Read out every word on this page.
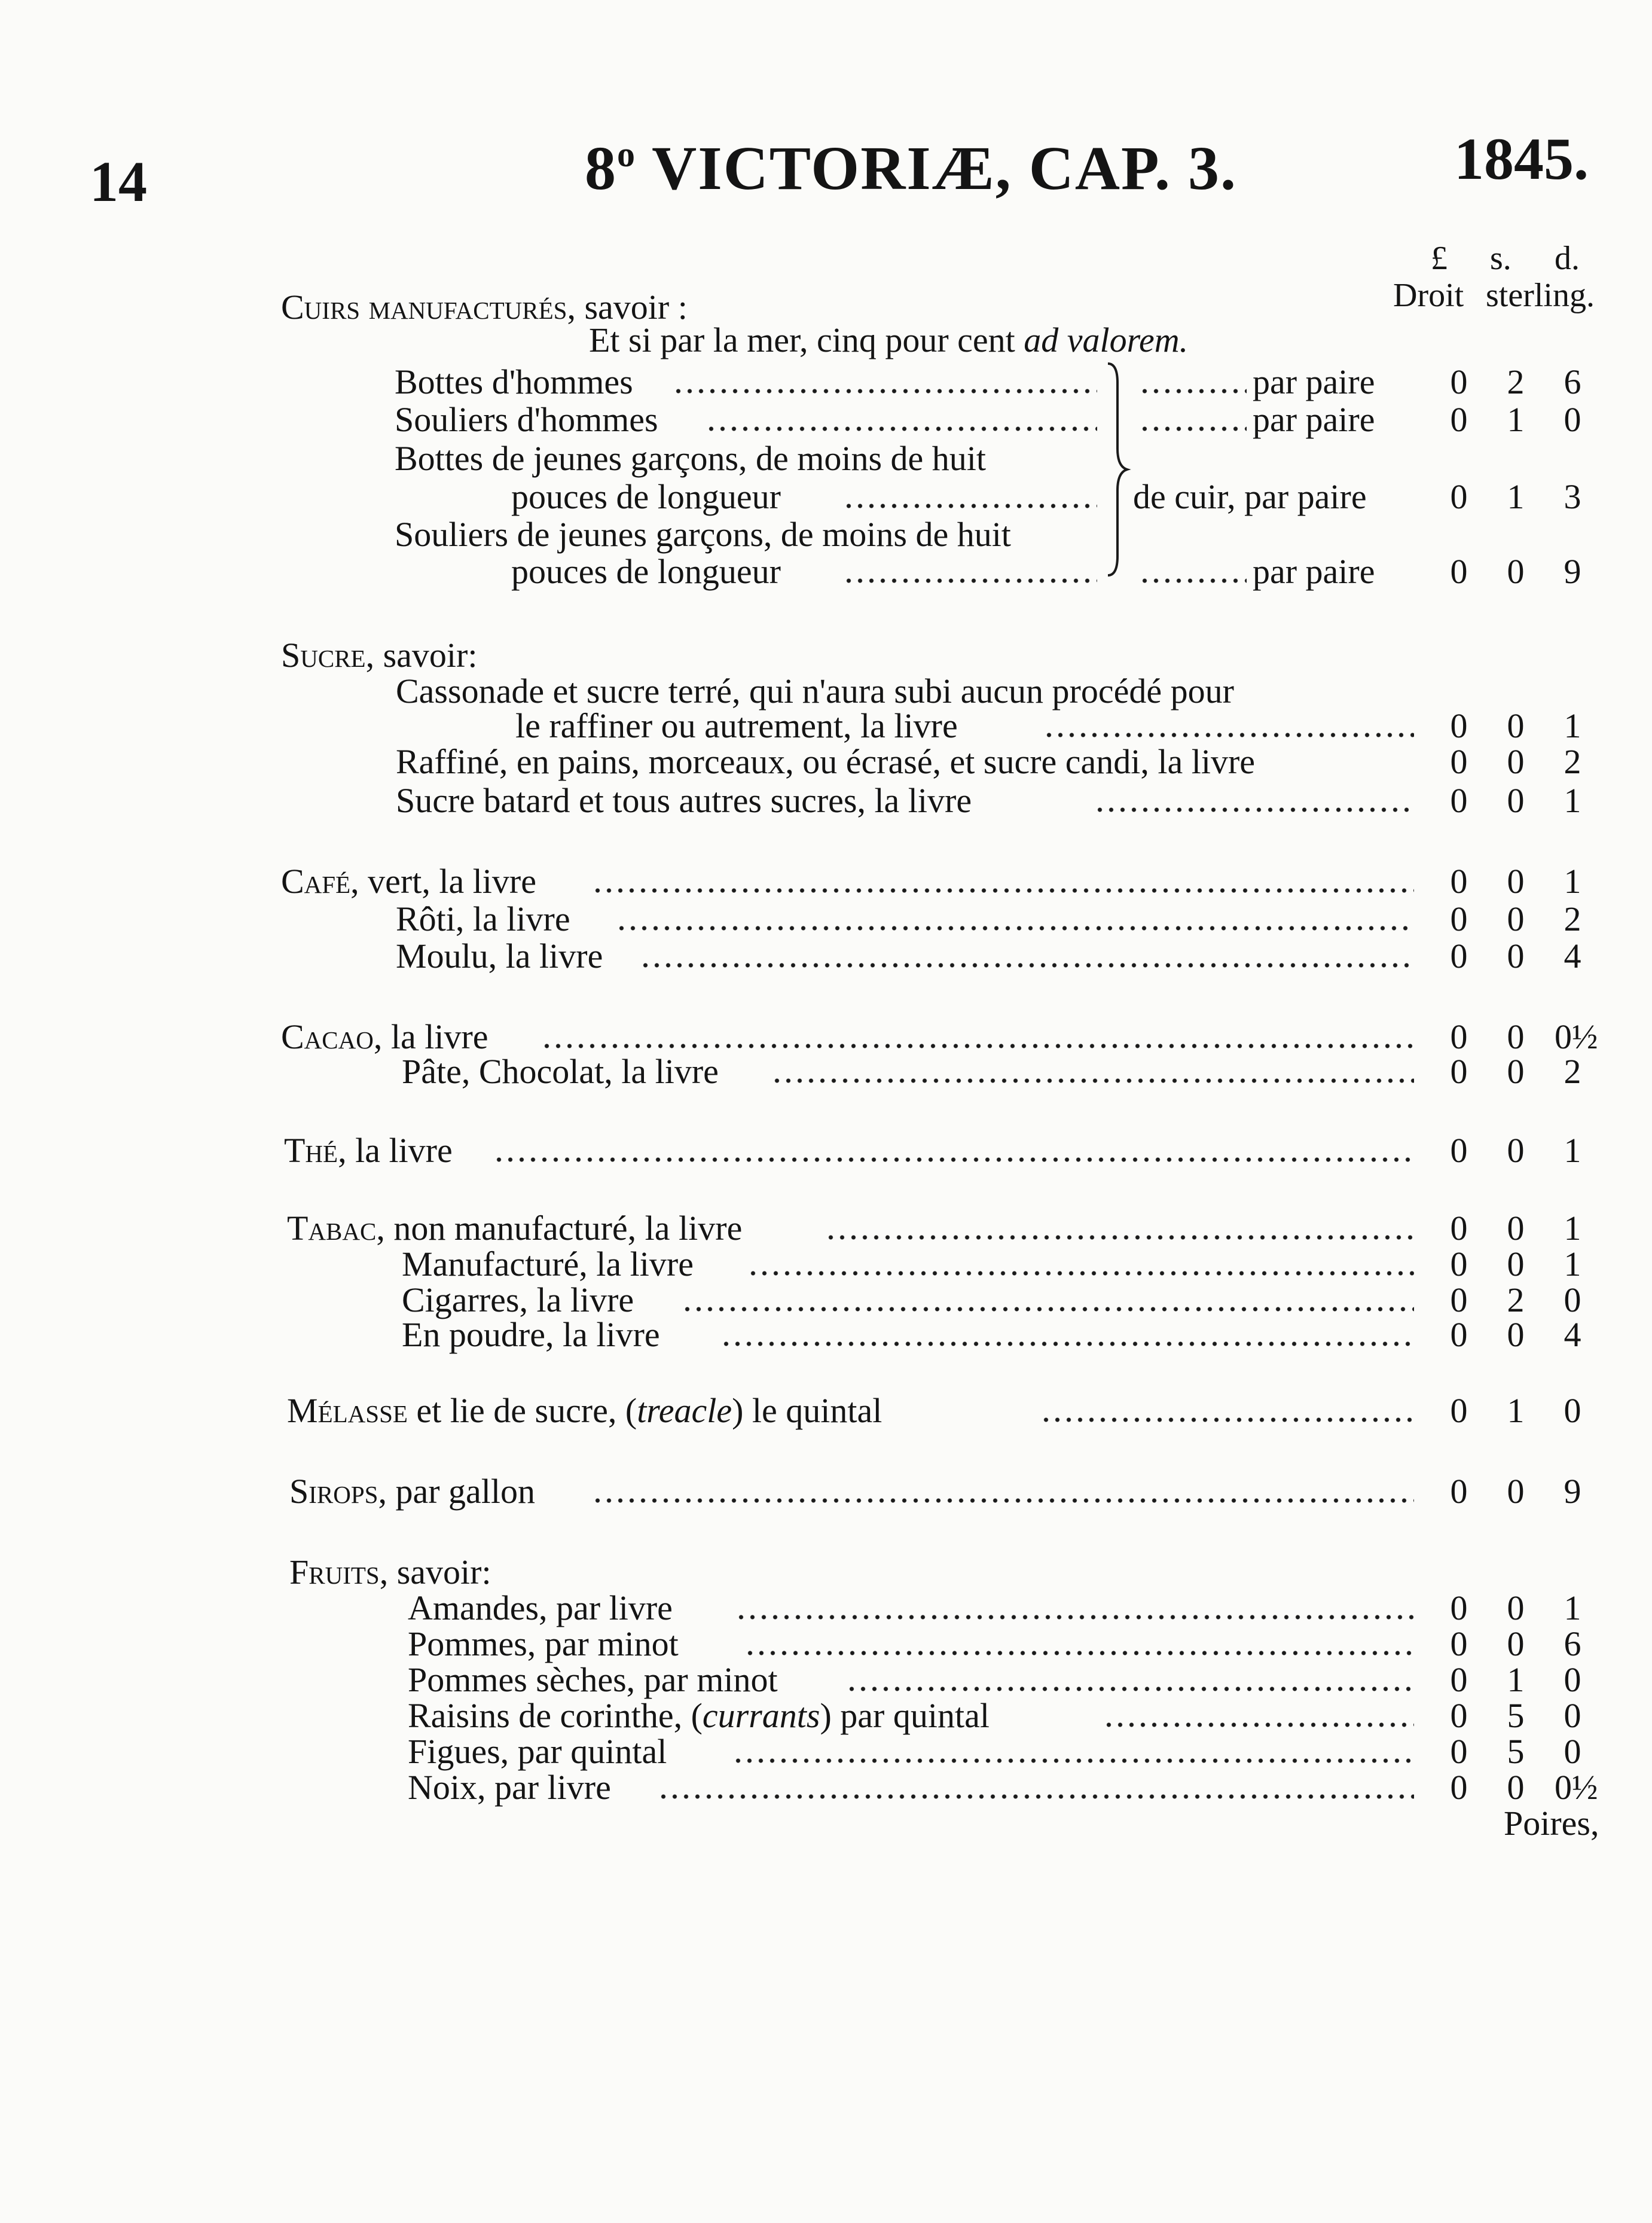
14	8$^o$ VICTORIÆ, CAP. 3.	1845.
£ s. d.
Droit sterling.
Cuirs manufacturés, savoir :
Et si par la mer, cinq pour cent ad valorem.
Bottes d'hommes	par paire 0 2 6
Souliers d'hommes	par paire 0 1 0
Bottes de jeunes garçons, de moins de huit
pouces de longueur	de cuir, par paire 0 1 3
Souliers de jeunes garçons, de moins de huit
pouces de longueur	par paire 0 0 9
Sucre, savoir:
Cassonade et sucre terré, qui n'aura subi aucun procédé pour
le raffiner ou autrement, la livre	0 0 1
Raffiné, en pains, morceaux, ou écrasé, et sucre candi, la livre	0 0 2
Sucre batard et tous autres sucres, la livre	0 0 1
Café, vert, la livre	0 0 1
Rôti, la livre	0 0 2
Moulu, la livre	0 0 4
Cacao, la livre	0 0 0½
Pâte, Chocolat, la livre	0 0 2
Thé, la livre	0 0 1
Tabac, non manufacturé, la livre	0 0 1
Manufacturé, la livre	0 0 1
Cigarres, la livre	0 2 0
En poudre, la livre	0 0 4
Mélasse et lie de sucre, (treacle) le quintal	0 1 0
Sirops, par gallon	0 0 9
Fruits, savoir:
Amandes, par livre	0 0 1
Pommes, par minot	0 0 6
Pommes sèches, par minot	0 1 0
Raisins de corinthe, (currants) par quintal	0 5 0
Figues, par quintal	0 5 0
Noix, par livre	0 0 0½
Poires,
